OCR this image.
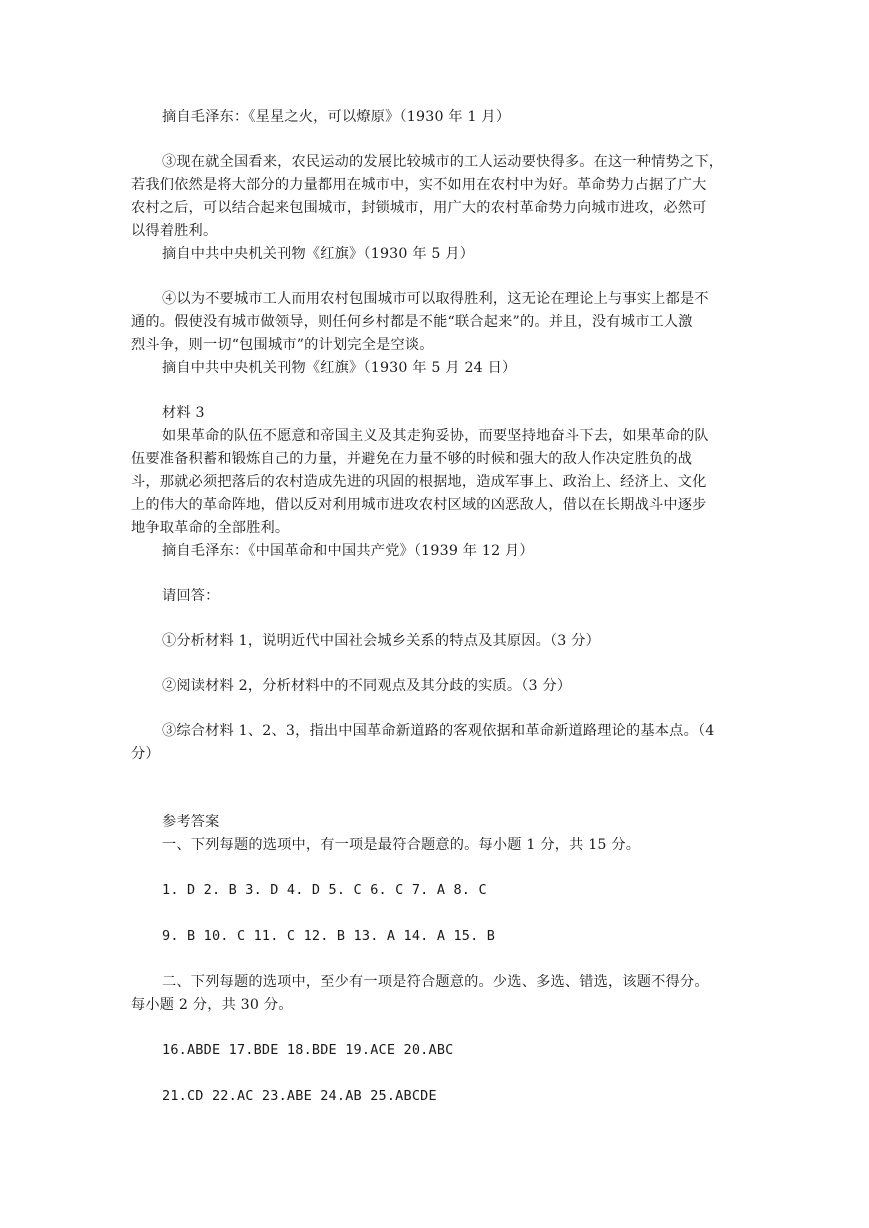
摘自毛泽东：《星星之火，可以燎原》（1930 年 1 月）
③现在就全国看来，农民运动的发展比较城市的工人运动要快得多。在这一种情势之下，
若我们依然是将大部分的力量都用在城市中，实不如用在农村中为好。革命势力占据了广大
农村之后，可以结合起来包围城市，封锁城市，用广大的农村革命势力向城市进攻，必然可
以得着胜利。
摘自中共中央机关刊物《红旗》（1930 年 5 月）
④以为不要城市工人而用农村包围城市可以取得胜利，这无论在理论上与事实上都是不
通的。假使没有城市做领导，则任何乡村都是不能“联合起来”的。并且，没有城市工人激
烈斗争，则一切“包围城市”的计划完全是空谈。
摘自中共中央机关刊物《红旗》（1930 年 5 月 24 日）
材料 3
如果革命的队伍不愿意和帝国主义及其走狗妥协，而要坚持地奋斗下去，如果革命的队
伍要准备积蓄和锻炼自己的力量，并避免在力量不够的时候和强大的敌人作决定胜负的战
斗，那就必须把落后的农村造成先进的巩固的根据地，造成军事上、政治上、经济上、文化
上的伟大的革命阵地，借以反对利用城市进攻农村区域的凶恶敌人，借以在长期战斗中逐步
地争取革命的全部胜利。
摘自毛泽东：《中国革命和中国共产党》（1939 年 12 月）
请回答：
①分析材料 1，说明近代中国社会城乡关系的特点及其原因。（3 分）
②阅读材料 2，分析材料中的不同观点及其分歧的实质。（3 分）
③综合材料 1、2、3，指出中国革命新道路的客观依据和革命新道路理论的基本点。（4
分）
参考答案
一、下列每题的选项中，有一项是最符合题意的。每小题 1 分，共 15 分。
1. D 2. B 3. D 4. D 5. C 6. C 7. A 8. C
9. B 10. C 11. C 12. B 13. A 14. A 15. B
二、下列每题的选项中，至少有一项是符合题意的。少选、多选、错选，该题不得分。
每小题 2 分，共 30 分。
16.ABDE 17.BDE 18.BDE 19.ACE 20.ABC
21.CD 22.AC 23.ABE 24.AB 25.ABCDE
